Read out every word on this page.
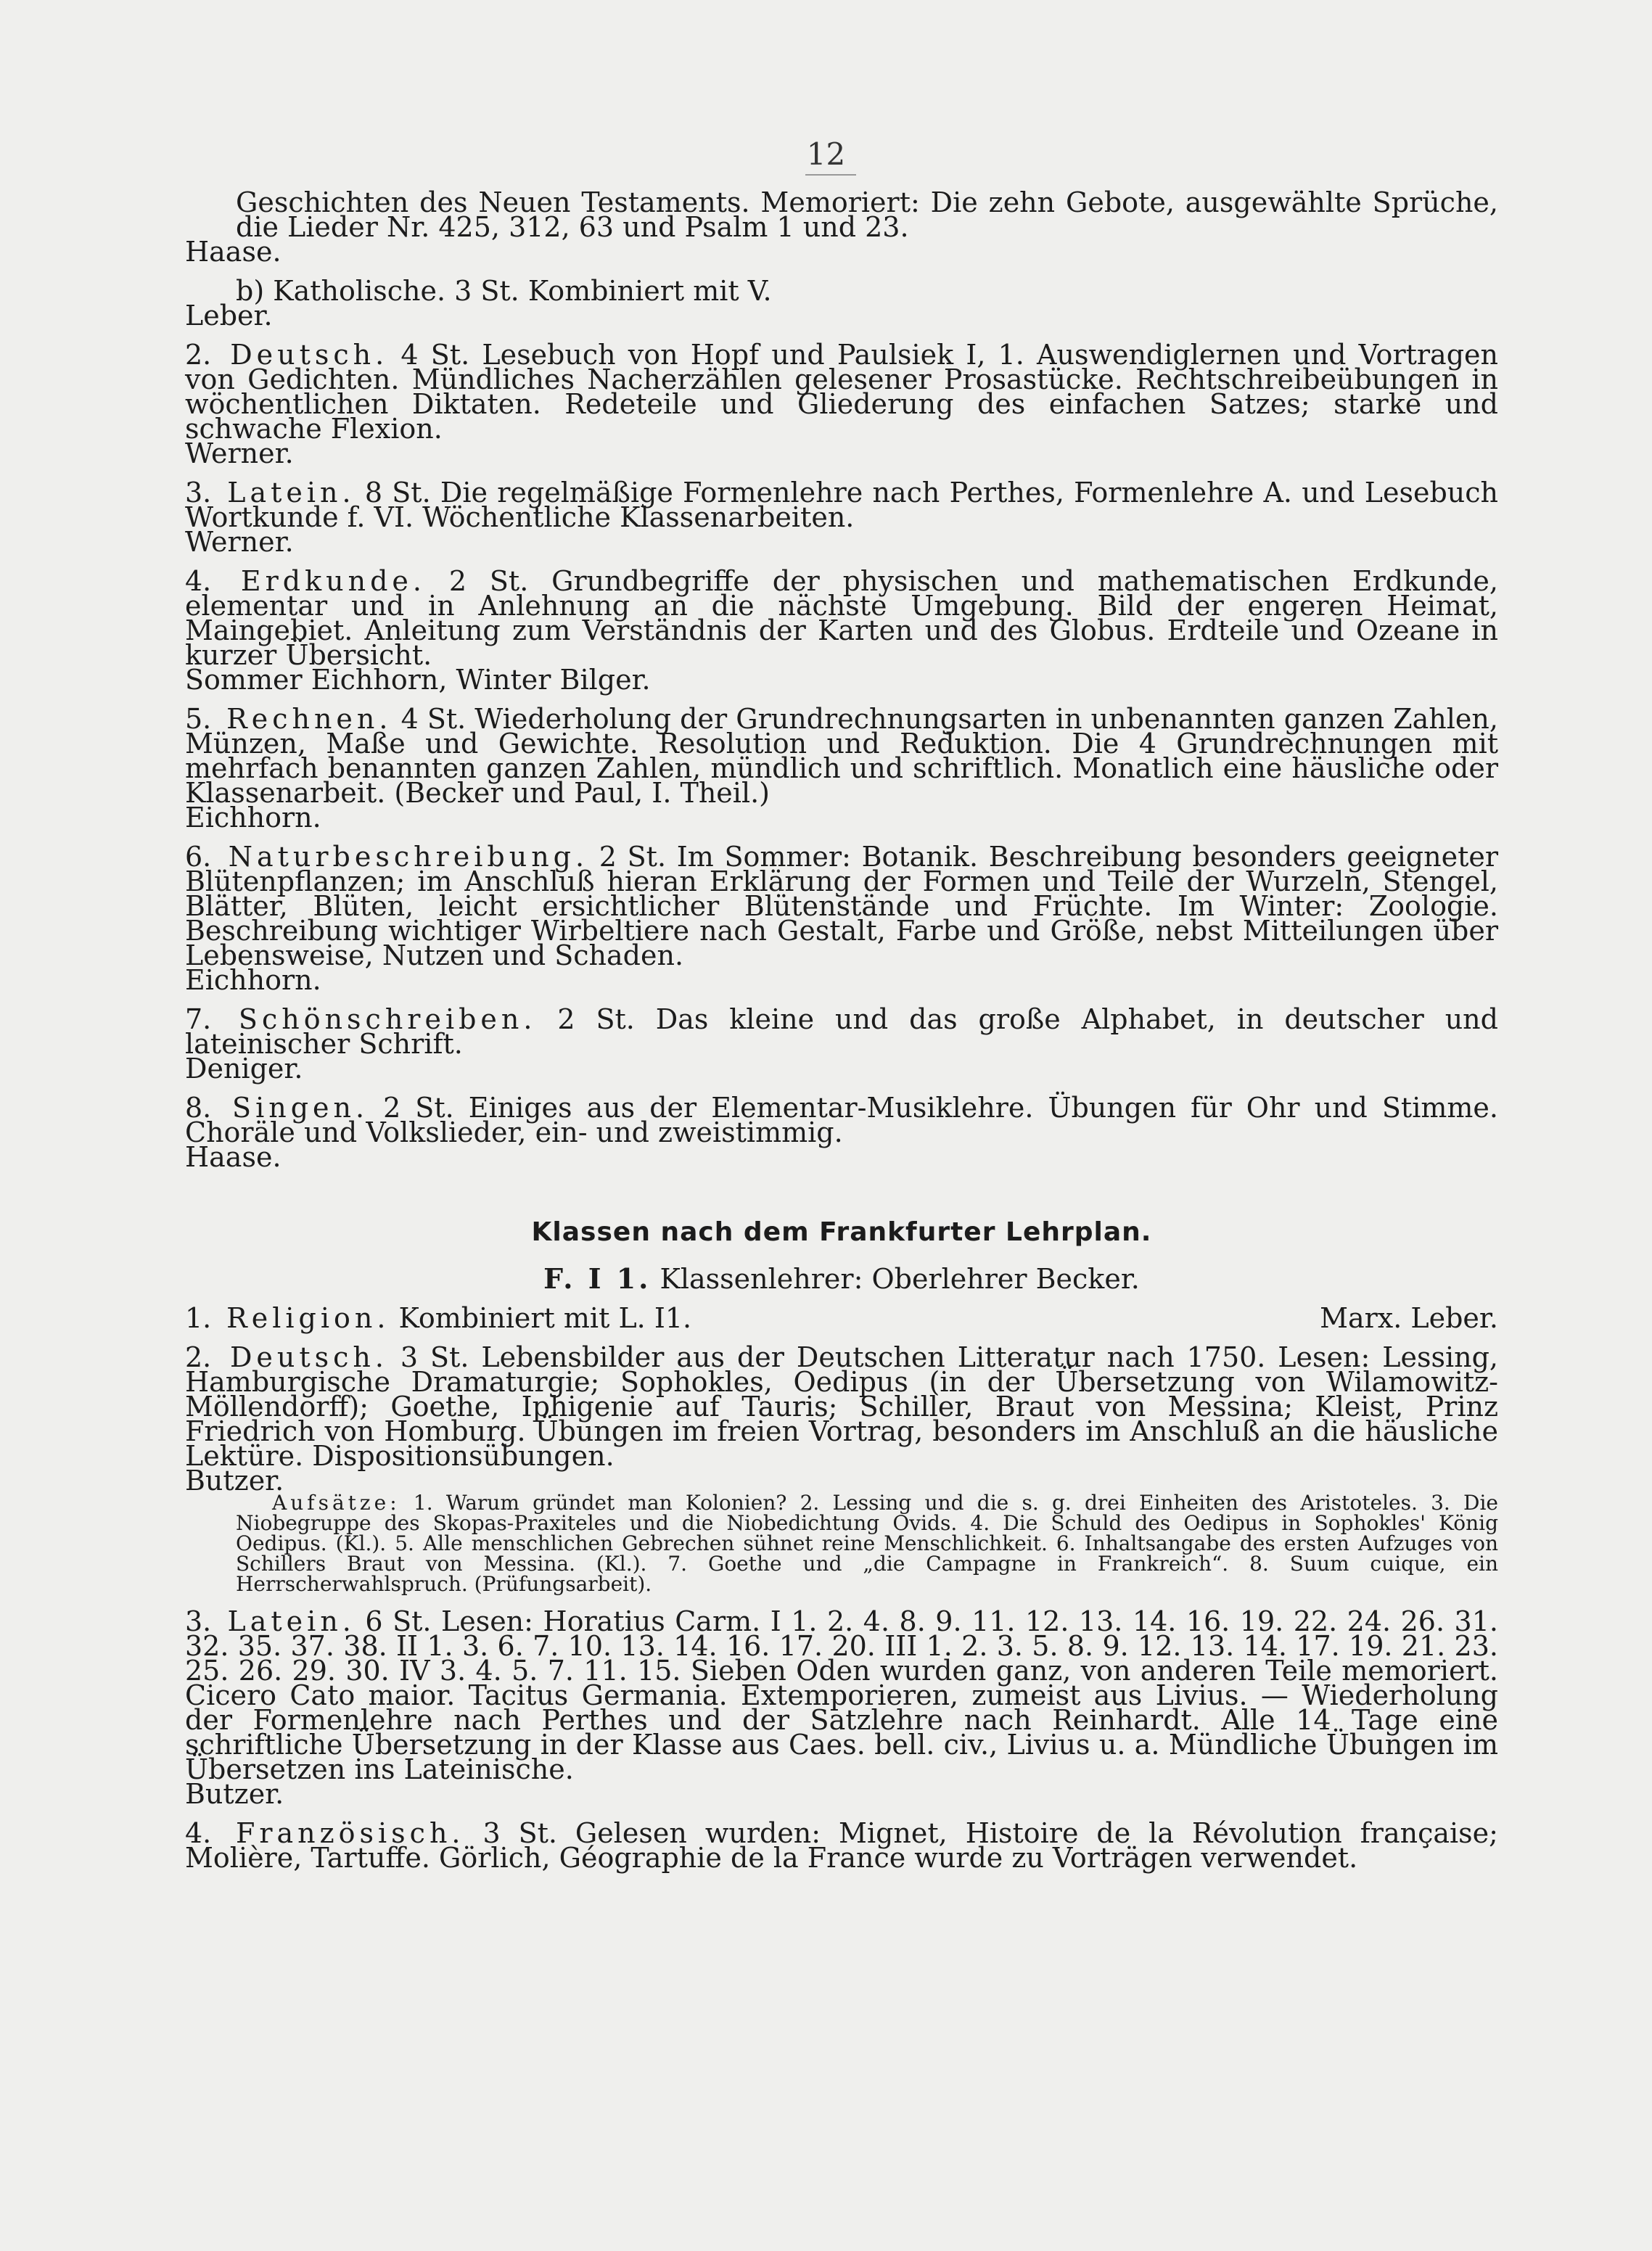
12

Geschichten des Neuen Testaments. Memoriert: Die zehn Gebote, ausgewählte Sprüche, die Lieder Nr. 425, 312, 63 und Psalm 1 und 23.

Haase.

b) Katholische. 3 St. Kombiniert mit V.

Leber.

2. Deutsch. 4 St. Lesebuch von Hopf und Paulsiek I, 1. Auswendiglernen und Vortragen von Gedichten. Mündliches Nacherzählen gelesener Prosastücke. Rechtschreibeübungen in wöchentlichen Diktaten. Redeteile und Gliederung des einfachen Satzes; starke und schwache Flexion.

Werner.

3. Latein. 8 St. Die regelmäßige Formenlehre nach Perthes, Formenlehre A. und Lesebuch Wortkunde f. VI. Wöchentliche Klassenarbeiten.

Werner.

4. Erdkunde. 2 St. Grundbegriffe der physischen und mathematischen Erdkunde, elementar und in Anlehnung an die nächste Umgebung. Bild der engeren Heimat, Maingebiet. Anleitung zum Verständnis der Karten und des Globus. Erdteile und Ozeane in kurzer Übersicht.

Sommer Eichhorn, Winter Bilger.

5. Rechnen. 4 St. Wiederholung der Grundrechnungsarten in unbenannten ganzen Zahlen, Münzen, Maße und Gewichte. Resolution und Reduktion. Die 4 Grundrechnungen mit mehrfach benannten ganzen Zahlen, mündlich und schriftlich. Monatlich eine häusliche oder Klassenarbeit. (Becker und Paul, I. Theil.)

Eichhorn.

6. Naturbeschreibung. 2 St. Im Sommer: Botanik. Beschreibung besonders geeigneter Blütenpflanzen; im Anschluß hieran Erklärung der Formen und Teile der Wurzeln, Stengel, Blätter, Blüten, leicht ersichtlicher Blütenstände und Früchte. Im Winter: Zoologie. Beschreibung wichtiger Wirbeltiere nach Gestalt, Farbe und Größe, nebst Mitteilungen über Lebensweise, Nutzen und Schaden.

Eichhorn.

7. Schönschreiben. 2 St. Das kleine und das große Alphabet, in deutscher und lateinischer Schrift.

Deniger.

8. Singen. 2 St. Einiges aus der Elementar-Musiklehre. Übungen für Ohr und Stimme. Choräle und Volkslieder, ein- und zweistimmig.

Haase.

Klassen nach dem Frankfurter Lehrplan.
F. I 1. Klassenlehrer: Oberlehrer Becker.

1. Religion. Kombiniert mit L. I1.	Marx. Leber.

2. Deutsch. 3 St. Lebensbilder aus der Deutschen Litteratur nach 1750. Lesen: Lessing, Hamburgische Dramaturgie; Sophokles, Oedipus (in der Übersetzung von Wilamowitz-Möllendorff); Goethe, Iphigenie auf Tauris; Schiller, Braut von Messina; Kleist, Prinz Friedrich von Homburg. Übungen im freien Vortrag, besonders im Anschluß an die häusliche Lektüre. Dispositionsübungen.

Butzer.

Aufsätze: 1. Warum gründet man Kolonien? 2. Lessing und die s. g. drei Einheiten des Aristoteles. 3. Die Niobegruppe des Skopas-Praxiteles und die Niobedichtung Ovids. 4. Die Schuld des Oedipus in Sophokles' König Oedipus. (Kl.). 5. Alle menschlichen Gebrechen sühnet reine Menschlichkeit. 6. Inhaltsangabe des ersten Aufzuges von Schillers Braut von Messina. (Kl.). 7. Goethe und „die Campagne in Frankreich“. 8. Suum cuique, ein Herrscherwahlspruch. (Prüfungsarbeit).

3. Latein. 6 St. Lesen: Horatius Carm. I 1. 2. 4. 8. 9. 11. 12. 13. 14. 16. 19. 22. 24. 26. 31. 32. 35. 37. 38. II 1. 3. 6. 7. 10. 13. 14. 16. 17. 20. III 1. 2. 3. 5. 8. 9. 12. 13. 14. 17. 19. 21. 23. 25. 26. 29. 30. IV 3. 4. 5. 7. 11. 15. Sieben Oden wurden ganz, von anderen Teile memoriert. Cicero Cato maior. Tacitus Germania. Extemporieren, zumeist aus Livius. — Wiederholung der Formenlehre nach Perthes und der Satzlehre nach Reinhardt. Alle 14 Tage eine schriftliche Übersetzung in der Klasse aus Caes. bell. civ., Livius u. a. Mündliche Übungen im Übersetzen ins Lateinische.

Butzer.

4. Französisch. 3 St. Gelesen wurden: Mignet, Histoire de la Révolution française; Molière, Tartuffe. Görlich, Géographie de la France wurde zu Vorträgen verwendet.
